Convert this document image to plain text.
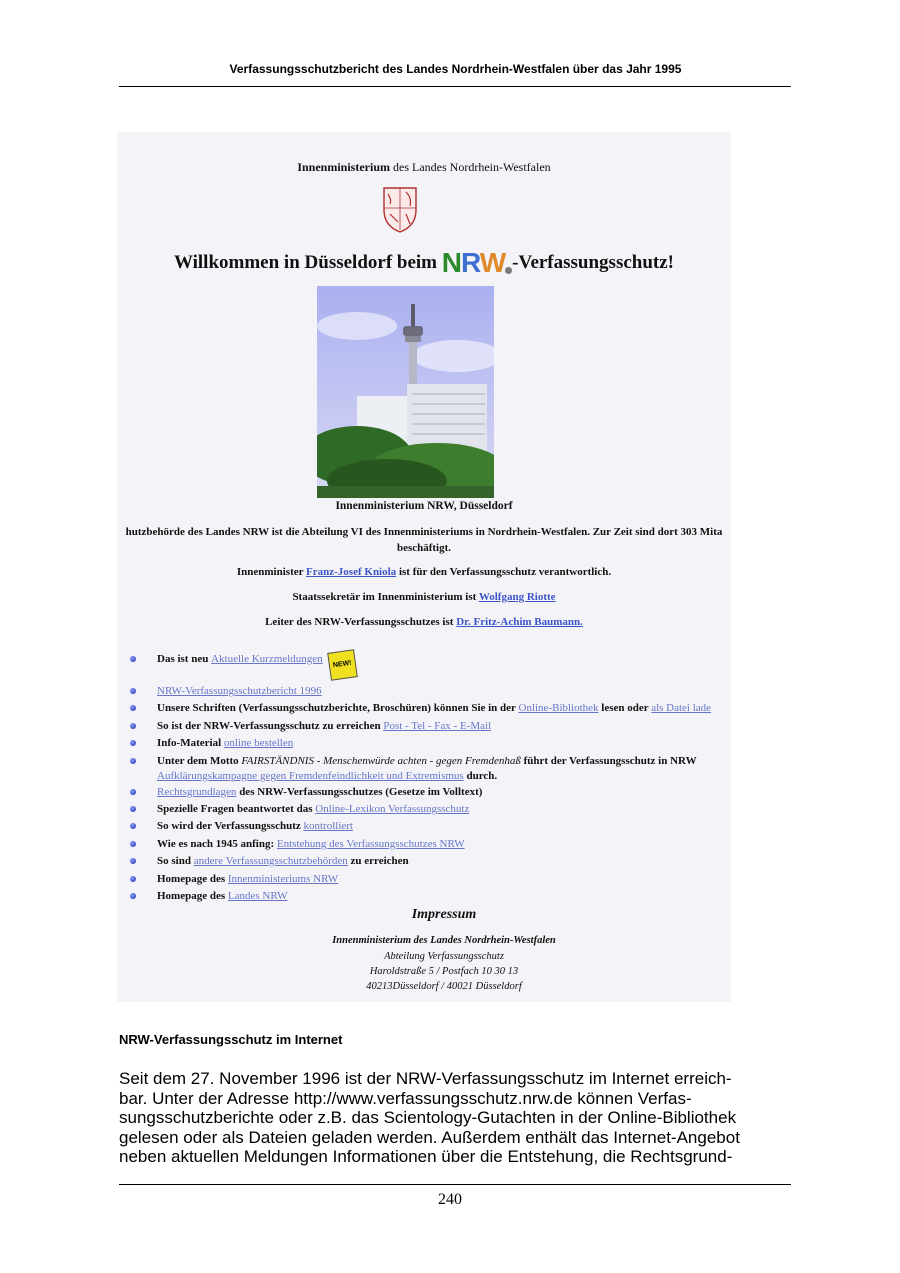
Verfassungsschutzbericht des Landes Nordrhein-Westfalen über das Jahr 1995
Innenministerium des Landes Nordrhein-Westfalen
Willkommen in Düsseldorf beim NRW -Verfassungsschutz!
Innenministerium NRW, Düsseldorf
hutzbehörde des Landes NRW ist die Abteilung VI des Innenministeriums in Nordrhein-Westfalen. Zur Zeit sind dort 303 Mita
beschäftigt.
Innenminister Franz-Josef Kniola ist für den Verfassungsschutz verantwortlich.
Staatssekretär im Innenministerium ist Wolfgang Riotte
Leiter des NRW-Verfassungsschutzes ist Dr. Fritz-Achim Baumann.
Das ist neu Aktuelle Kurzmeldungen NEW!
NRW-Verfassungsschutzbericht 1996
Unsere Schriften (Verfassungsschutzberichte, Broschüren) können Sie in der Online-Bibliothek lesen oder als Datei lade
So ist der NRW-Verfassungsschutz zu erreichen Post - Tel - Fax - E-Mail
Info-Material online bestellen
Unter dem Motto FAIRSTÄNDNIS - Menschenwürde achten - gegen Fremdenhaß führt der Verfassungsschutz in NRW
Aufklärungskampagne gegen Fremdenfeindlichkeit und Extremismus durch.
Rechtsgrundlagen des NRW-Verfassungsschutzes (Gesetze im Volltext)
Spezielle Fragen beantwortet das Online-Lexikon Verfassungsschutz
So wird der Verfassungsschutz kontrolliert
Wie es nach 1945 anfing: Entstehung des Verfassungsschutzes NRW
So sind andere Verfassungsschutzbehörden zu erreichen
Homepage des Innenministeriums NRW
Homepage des Landes NRW
Impressum
Innenministerium des Landes Nordrhein-Westfalen
Abteilung Verfassungsschutz
Haroldstraße 5 / Postfach 10 30 13
40213Düsseldorf / 40021 Düsseldorf
NRW-Verfassungsschutz im Internet
Seit dem 27. November 1996 ist der NRW-Verfassungsschutz im Internet erreich-
bar. Unter der Adresse http://www.verfassungsschutz.nrw.de können Verfas-
sungsschutzberichte oder z.B. das Scientology-Gutachten in der Online-Bibliothek
gelesen oder als Dateien geladen werden. Außerdem enthält das Internet-Angebot
neben aktuellen Meldungen Informationen über die Entstehung, die Rechtsgrund-
240
